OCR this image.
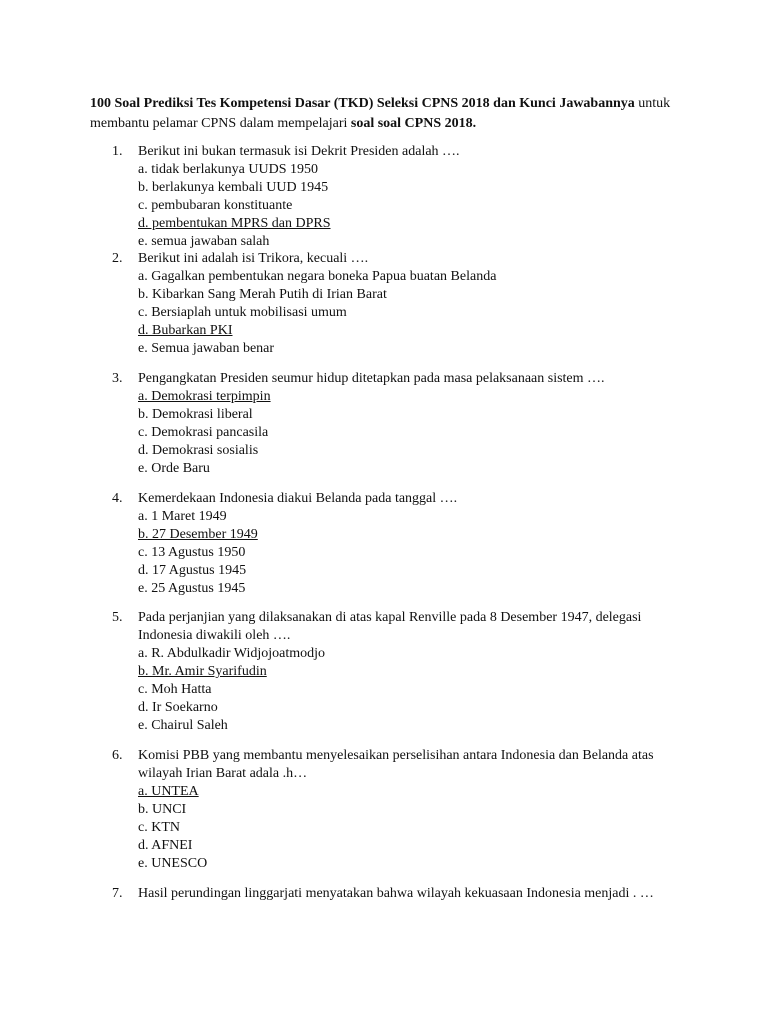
100 Soal Prediksi Tes Kompetensi Dasar (TKD) Seleksi CPNS 2018 dan Kunci Jawabannya untuk membantu pelamar CPNS dalam mempelajari soal soal CPNS 2018.
1. Berikut ini bukan termasuk isi Dekrit Presiden adalah ….
a. tidak berlakunya UUDS 1950
b. berlakunya kembali UUD 1945
c. pembubaran konstituante
d. pembentukan MPRS dan DPRS
e. semua jawaban salah
2. Berikut ini adalah isi Trikora, kecuali ….
a. Gagalkan pembentukan negara boneka Papua buatan Belanda
b. Kibarkan Sang Merah Putih di Irian Barat
c. Bersiaplah untuk mobilisasi umum
d. Bubarkan PKI
e. Semua jawaban benar
3. Pengangkatan Presiden seumur hidup ditetapkan pada masa pelaksanaan sistem ….
a. Demokrasi terpimpin
b. Demokrasi liberal
c. Demokrasi pancasila
d. Demokrasi sosialis
e. Orde Baru
4. Kemerdekaan Indonesia diakui Belanda pada tanggal ….
a. 1 Maret 1949
b. 27 Desember 1949
c. 13 Agustus 1950
d. 17 Agustus 1945
e. 25 Agustus 1945
5. Pada perjanjian yang dilaksanakan di atas kapal Renville pada 8 Desember 1947, delegasi Indonesia diwakili oleh ….
a. R. Abdulkadir Widjojoatmodjo
b. Mr. Amir Syarifudin
c. Moh Hatta
d. Ir Soekarno
e. Chairul Saleh
6. Komisi PBB yang membantu menyelesaikan perselisihan antara Indonesia dan Belanda atas wilayah Irian Barat adala .h…
a. UNTEA
b. UNCI
c. KTN
d. AFNEI
e. UNESCO
7. Hasil perundingan linggarjati menyatakan bahwa wilayah kekuasaan Indonesia menjadi . …
